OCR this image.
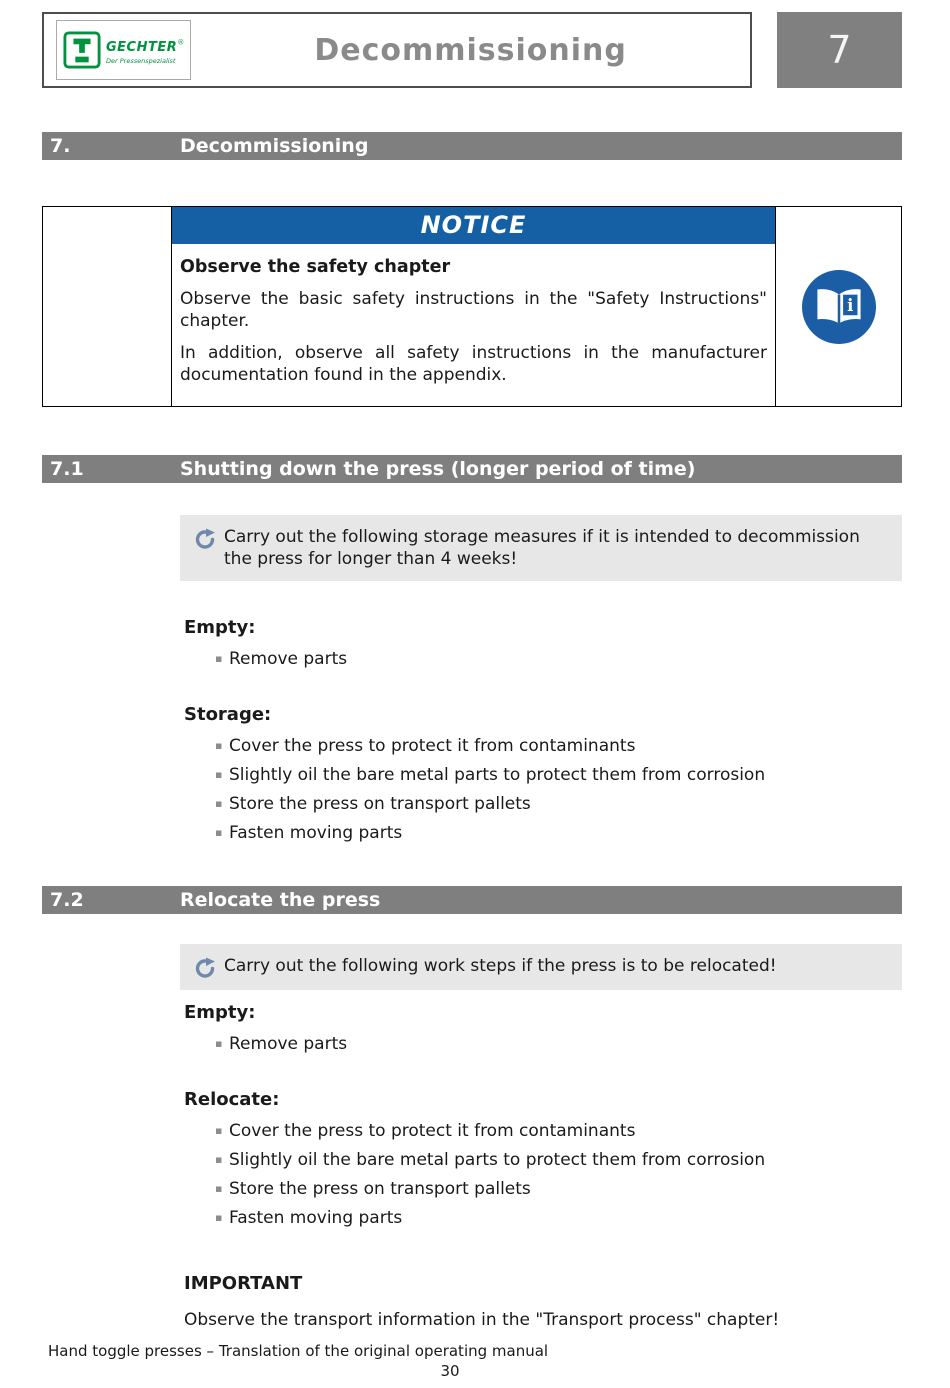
GECHTER®
Der Pressenspezialist	Decommissioning	7
7.	Decommissioning
NOTICE
Observe the safety chapter

Observe the basic safety instructions in the "Safety Instructions" chapter.

In addition, observe all safety instructions in the manufacturer documentation found in the appendix.

i
7.1	Shutting down the press (longer period of time)
Carry out the following storage measures if it is intended to decommission the press for longer than 4 weeks!
Empty:
▪ Remove parts
Storage:
▪ Cover the press to protect it from contaminants
▪ Slightly oil the bare metal parts to protect them from corrosion
▪ Store the press on transport pallets
▪ Fasten moving parts
7.2	Relocate the press
Carry out the following work steps if the press is to be relocated!
Empty:
▪ Remove parts
Relocate:
▪ Cover the press to protect it from contaminants
▪ Slightly oil the bare metal parts to protect them from corrosion
▪ Store the press on transport pallets
▪ Fasten moving parts
IMPORTANT
Observe the transport information in the "Transport process" chapter!
Hand toggle presses – Translation of the original operating manual
30
